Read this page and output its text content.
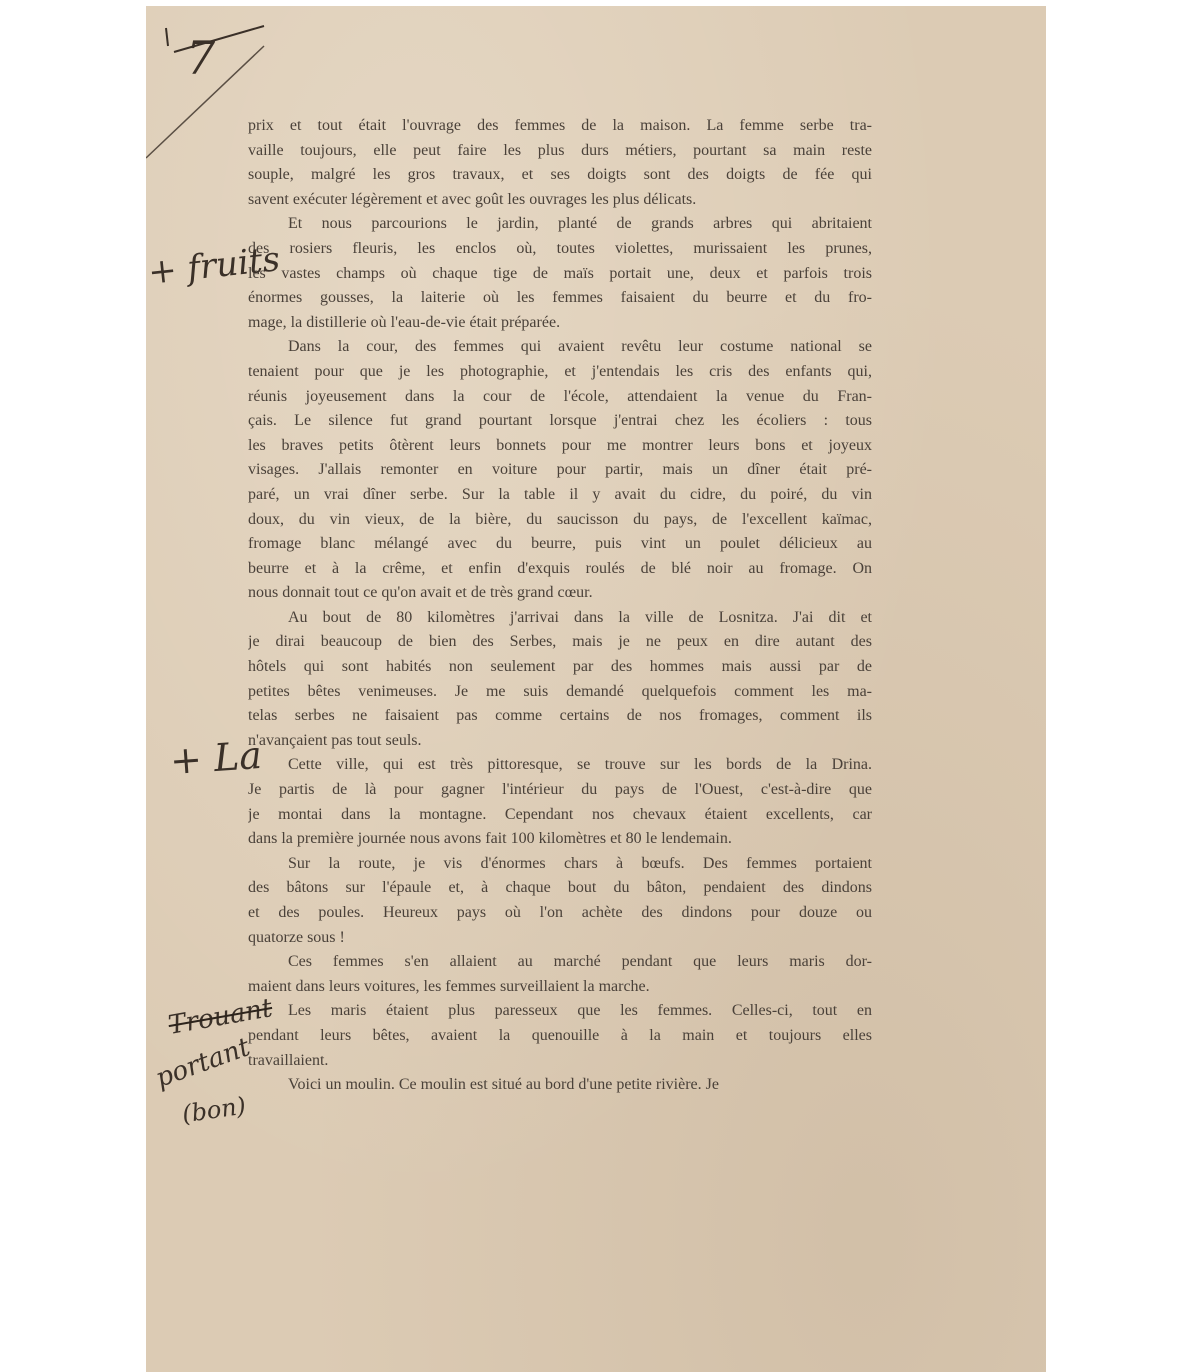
7
prix et tout était l'ouvrage des femmes de la maison. La femme serbe tra-
vaille toujours, elle peut faire les plus durs métiers, pourtant sa main reste
souple, malgré les gros travaux, et ses doigts sont des doigts de fée qui
savent exécuter légèrement et avec goût les ouvrages les plus délicats.
Et nous parcourions le jardin, planté de grands arbres qui abritaient
des rosiers fleuris, les enclos où, toutes violettes, murissaient les prunes,
les vastes champs où chaque tige de maïs portait une, deux et parfois trois
énormes gousses, la laiterie où les femmes faisaient du beurre et du fro-
mage, la distillerie où l'eau-de-vie était préparée.
Dans la cour, des femmes qui avaient revêtu leur costume national se
tenaient pour que je les photographie, et j'entendais les cris des enfants qui,
réunis joyeusement dans la cour de l'école, attendaient la venue du Fran-
çais. Le silence fut grand pourtant lorsque j'entrai chez les écoliers : tous
les braves petits ôtèrent leurs bonnets pour me montrer leurs bons et joyeux
visages. J'allais remonter en voiture pour partir, mais un dîner était pré-
paré, un vrai dîner serbe. Sur la table il y avait du cidre, du poiré, du vin
doux, du vin vieux, de la bière, du saucisson du pays, de l'excellent kaïmac,
fromage blanc mélangé avec du beurre, puis vint un poulet délicieux au
beurre et à la crême, et enfin d'exquis roulés de blé noir au fromage. On
nous donnait tout ce qu'on avait et de très grand cœur.
Au bout de 80 kilomètres j'arrivai dans la ville de Losnitza. J'ai dit et
je dirai beaucoup de bien des Serbes, mais je ne peux en dire autant des
hôtels qui sont habités non seulement par des hommes mais aussi par de
petites bêtes venimeuses. Je me suis demandé quelquefois comment les ma-
telas serbes ne faisaient pas comme certains de nos fromages, comment ils
n'avançaient pas tout seuls.
Cette ville, qui est très pittoresque, se trouve sur les bords de la Drina.
Je partis de là pour gagner l'intérieur du pays de l'Ouest, c'est-à-dire que
je montai dans la montagne. Cependant nos chevaux étaient excellents, car
dans la première journée nous avons fait 100 kilomètres et 80 le lendemain.
Sur la route, je vis d'énormes chars à bœufs. Des femmes portaient
des bâtons sur l'épaule et, à chaque bout du bâton, pendaient des dindons
et des poules. Heureux pays où l'on achète des dindons pour douze ou
quatorze sous !
Ces femmes s'en allaient au marché pendant que leurs maris dor-
maient dans leurs voitures, les femmes surveillaient la marche.
Les maris étaient plus paresseux que les femmes. Celles-ci, tout en
pendant leurs bêtes, avaient la quenouille à la main et toujours elles
travaillaient.
Voici un moulin. Ce moulin est situé au bord d'une petite rivière. Je
+ fruits
+ La
Trouant
portant
(bon)
